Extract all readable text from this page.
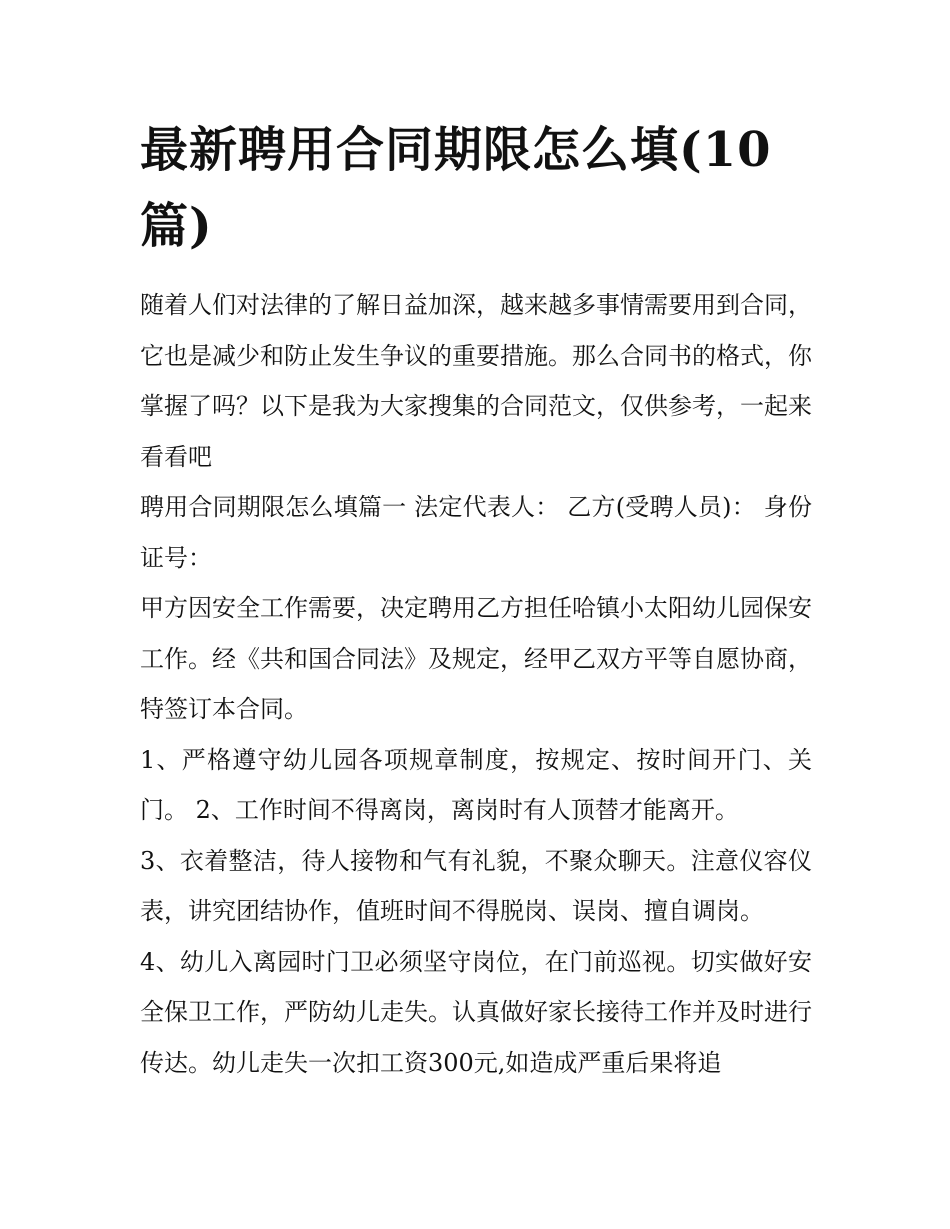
最新聘用合同期限怎么填(10篇)

随着人们对法律的了解日益加深，越来越多事情需要用到合同，它也是减少和防止发生争议的重要措施。那么合同书的格式，你掌握了吗？以下是我为大家搜集的合同范文，仅供参考，一起来看看吧

聘用合同期限怎么填篇一 法定代表人： 乙方(受聘人员)： 身份证号：

甲方因安全工作需要，决定聘用乙方担任哈镇小太阳幼儿园保安工作。经《共和国合同法》及规定，经甲乙双方平等自愿协商，特签订本合同。

1、严格遵守幼儿园各项规章制度，按规定、按时间开门、关门。 2、工作时间不得离岗，离岗时有人顶替才能离开。

3、衣着整洁，待人接物和气有礼貌，不聚众聊天。注意仪容仪表，讲究团结协作，值班时间不得脱岗、误岗、擅自调岗。

4、幼儿入离园时门卫必须坚守岗位，在门前巡视。切实做好安全保卫工作，严防幼儿走失。认真做好家长接待工作并及时进行传达。幼儿走失一次扣工资300元,如造成严重后果将追
